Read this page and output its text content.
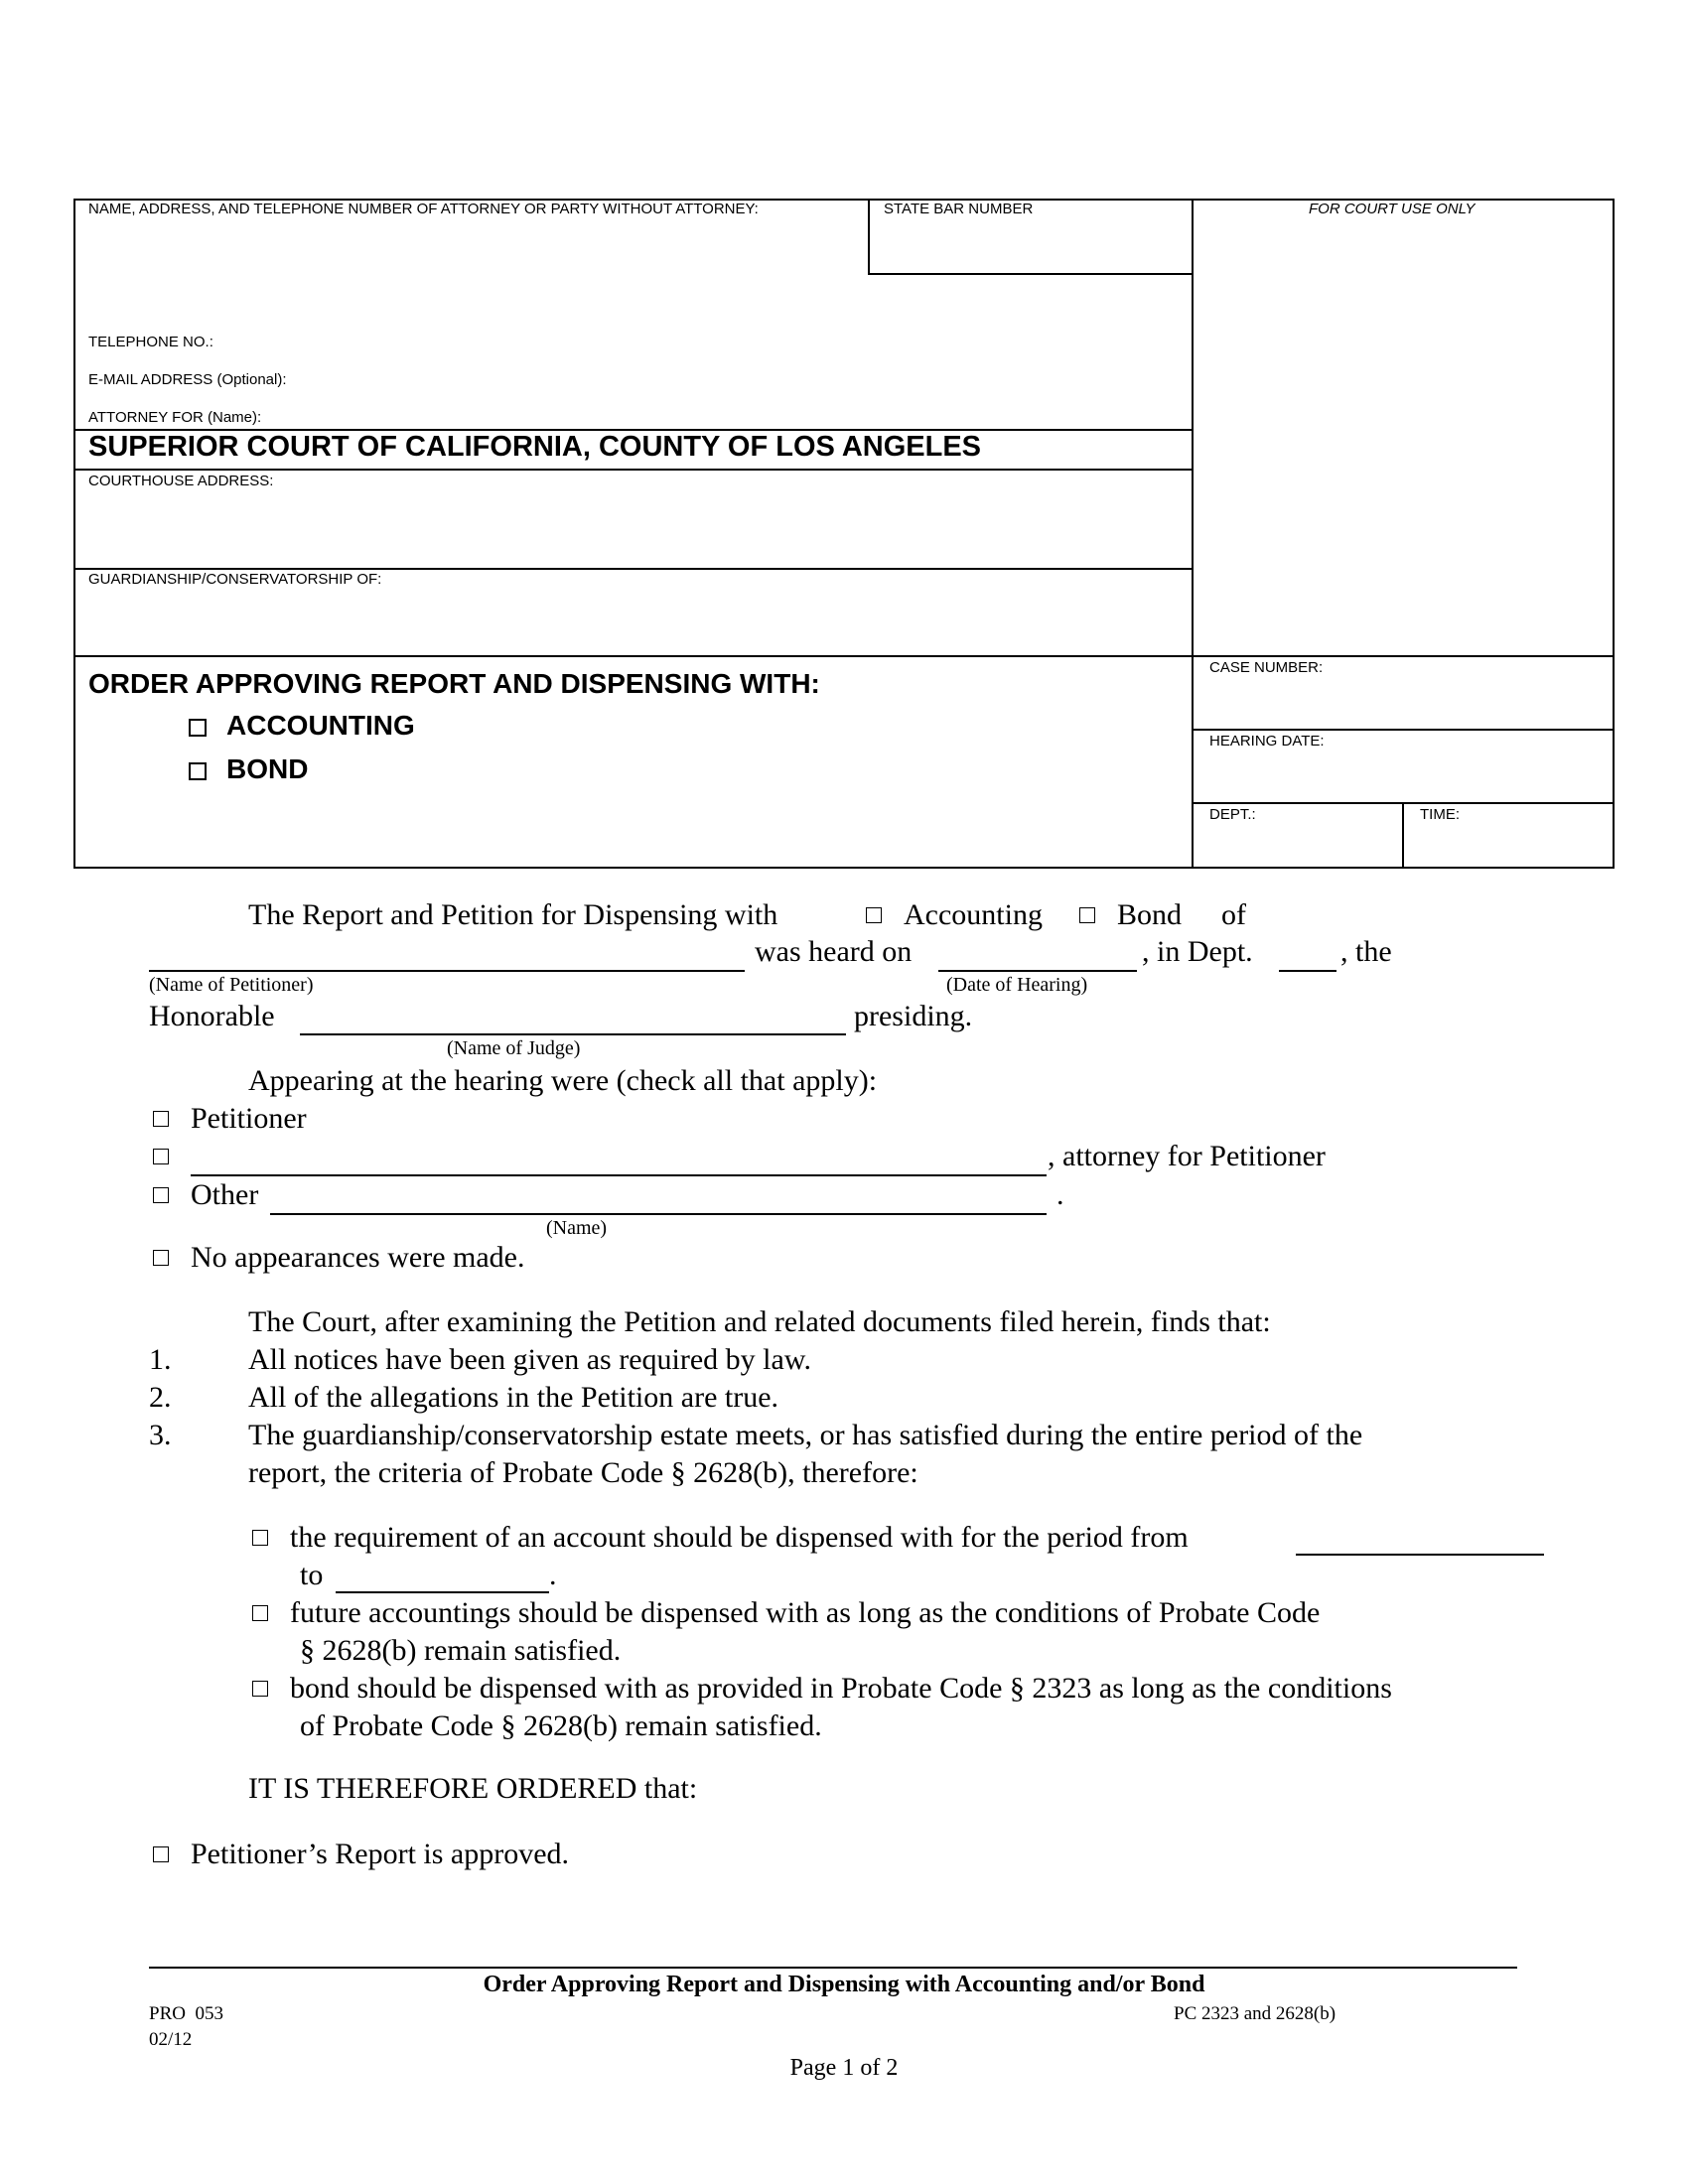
NAME, ADDRESS, AND TELEPHONE NUMBER OF ATTORNEY OR PARTY WITHOUT ATTORNEY:	STATE BAR NUMBER	FOR COURT USE ONLY
TELEPHONE NO.:
E-MAIL ADDRESS (Optional):
ATTORNEY FOR (Name):
SUPERIOR COURT OF CALIFORNIA, COUNTY OF LOS ANGELES
COURTHOUSE ADDRESS:
GUARDIANSHIP/CONSERVATORSHIP OF:
ORDER APPROVING REPORT AND DISPENSING WITH:
ACCOUNTING
BOND
CASE NUMBER:
HEARING DATE:
DEPT.:	TIME:
The Report and Petition for Dispensing with	Accounting	Bond of
was heard on	, in Dept.	, the
(Name of Petitioner)	(Date of Hearing)
Honorable	presiding.
(Name of Judge)
Appearing at the hearing were (check all that apply):
Petitioner
, attorney for Petitioner
Other	.
(Name)
No appearances were made.
The Court, after examining the Petition and related documents filed herein, finds that:
1.	All notices have been given as required by law.
2.	All of the allegations in the Petition are true.
3.	The guardianship/conservatorship estate meets, or has satisfied during the entire period of the
report, the criteria of Probate Code § 2628(b), therefore:
the requirement of an account should be dispensed with for the period from
to	.
future accountings should be dispensed with as long as the conditions of Probate Code
§ 2628(b) remain satisfied.
bond should be dispensed with as provided in Probate Code § 2323 as long as the conditions
of Probate Code § 2628(b) remain satisfied.
IT IS THEREFORE ORDERED that:
Petitioner’s Report is approved.
Order Approving Report and Dispensing with Accounting and/or Bond
PRO  053
02/12
PC 2323 and 2628(b)
Page 1 of 2
